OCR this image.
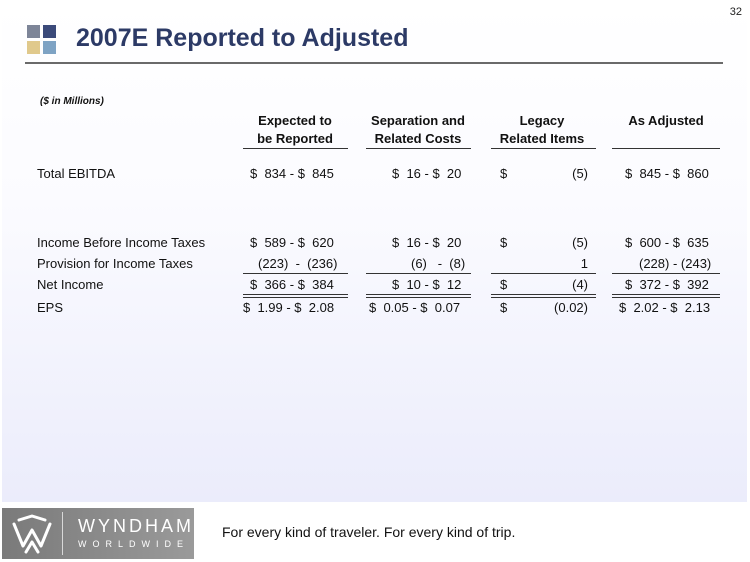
32
2007E Reported to Adjusted
($ in Millions)
Expected to
be Reported
Separation and
Related Costs
Legacy
Related Items
As Adjusted
Total EBITDA	$  834 - $  845	$  16 - $  20	$	(5)	$  845 - $  860
Income Before Income Taxes	$  589 - $  620	$  16 - $  20	$	(5)	$  600 - $  635
Provision for Income Taxes	(223)  -  (236)	(6)   -  (8)	1	(228) - (243)
Net Income	$  366 - $  384	$  10 - $  12	$	(4)	$  372 - $  392
EPS	$  1.99 - $  2.08	$  0.05 - $  0.07	$	(0.02) $  2.02 - $  2.13
WYNDHAM
WORLDWIDE
For every kind of traveler. For every kind of trip.
